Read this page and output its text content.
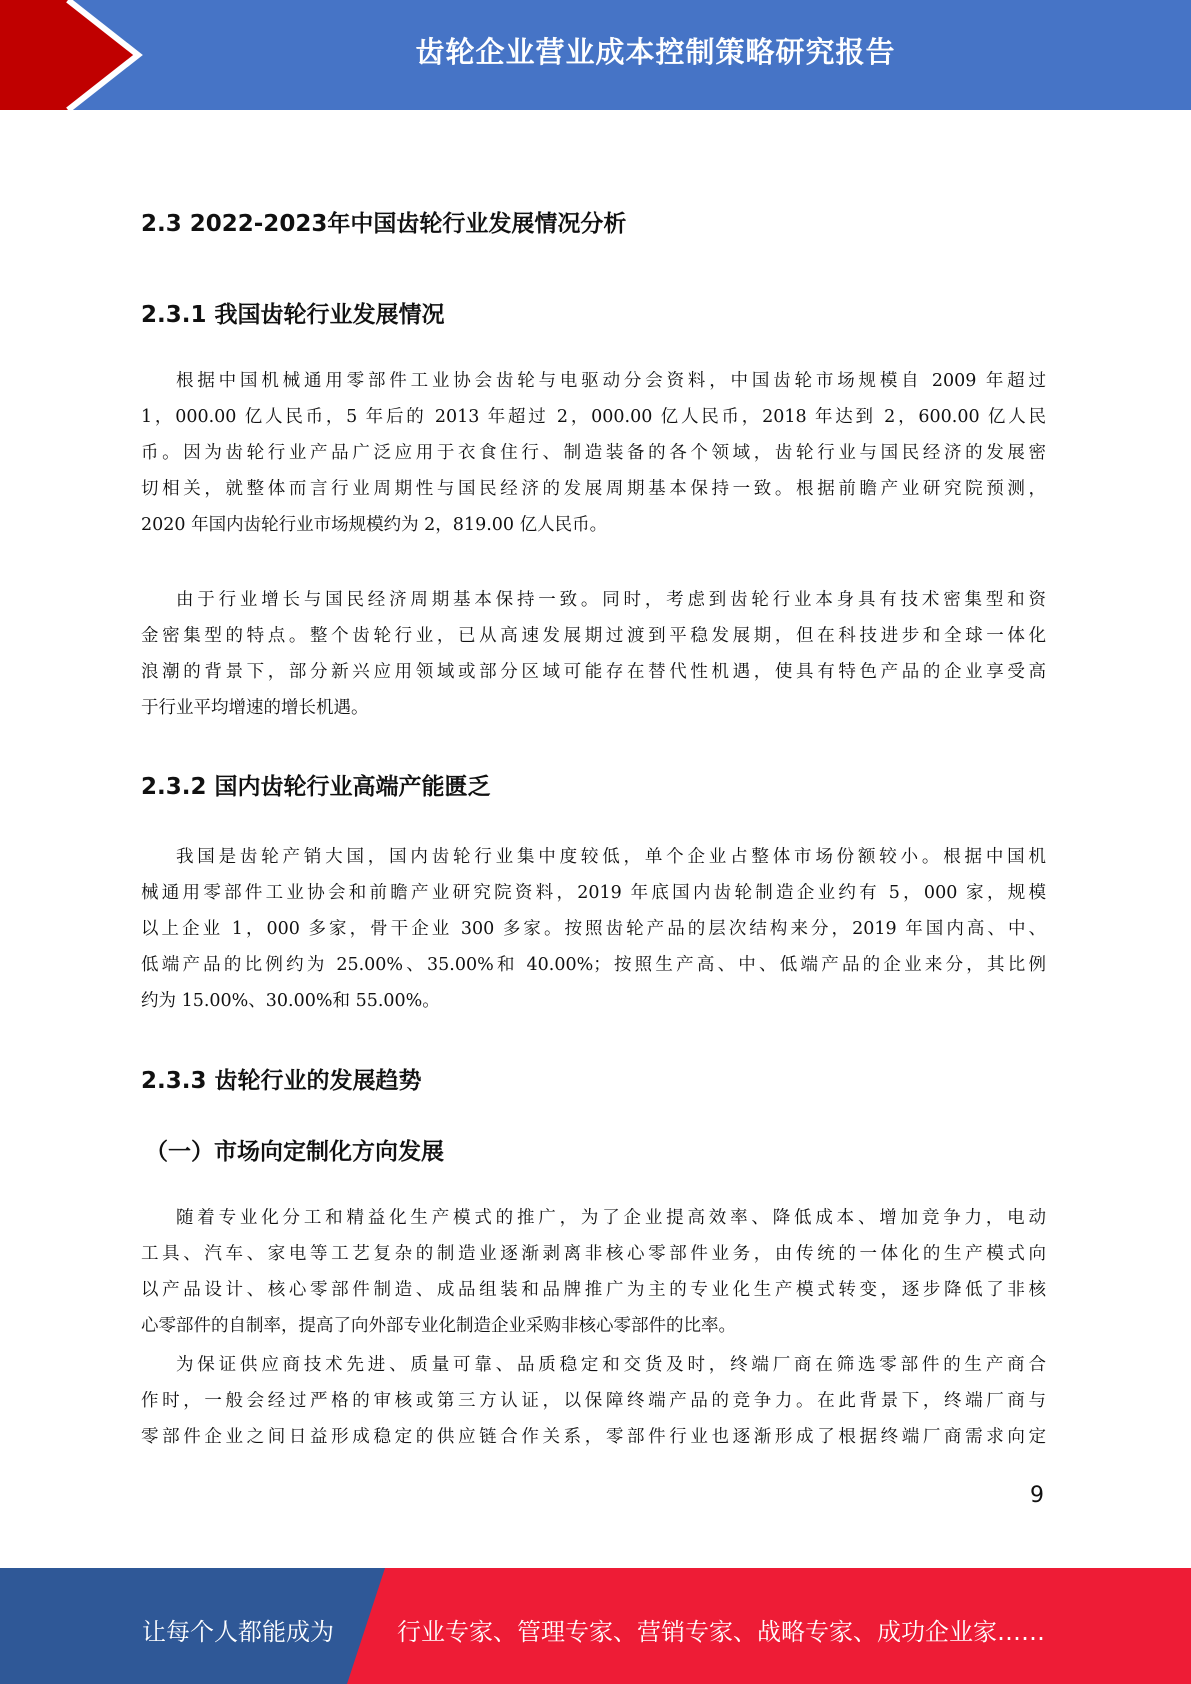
齿轮企业营业成本控制策略研究报告
2.3 2022-2023年中国齿轮行业发展情况分析
2.3.1 我国齿轮行业发展情况
根据中国机械通用零部件工业协会齿轮与电驱动分会资料，中国齿轮市场规模自 2009 年超过
1，000.00 亿人民币，5 年后的 2013 年超过 2，000.00 亿人民币，2018 年达到 2，600.00 亿人民
币。因为齿轮行业产品广泛应用于衣食住行、制造装备的各个领域，齿轮行业与国民经济的发展密
切相关，就整体而言行业周期性与国民经济的发展周期基本保持一致。根据前瞻产业研究院预测，
2020 年国内齿轮行业市场规模约为 2，819.00 亿人民币。
由于行业增长与国民经济周期基本保持一致。同时，考虑到齿轮行业本身具有技术密集型和资
金密集型的特点。整个齿轮行业，已从高速发展期过渡到平稳发展期，但在科技进步和全球一体化
浪潮的背景下，部分新兴应用领域或部分区域可能存在替代性机遇，使具有特色产品的企业享受高
于行业平均增速的增长机遇。
2.3.2 国内齿轮行业高端产能匮乏
我国是齿轮产销大国，国内齿轮行业集中度较低，单个企业占整体市场份额较小。根据中国机
械通用零部件工业协会和前瞻产业研究院资料，2019 年底国内齿轮制造企业约有 5，000 家，规模
以上企业 1，000 多家，骨干企业 300 多家。按照齿轮产品的层次结构来分，2019 年国内高、中、
低端产品的比例约为 25.00%、35.00%和 40.00%；按照生产高、中、低端产品的企业来分，其比例
约为 15.00%、30.00%和 55.00%。
2.3.3 齿轮行业的发展趋势
（一）市场向定制化方向发展
随着专业化分工和精益化生产模式的推广，为了企业提高效率、降低成本、增加竞争力，电动
工具、汽车、家电等工艺复杂的制造业逐渐剥离非核心零部件业务，由传统的一体化的生产模式向
以产品设计、核心零部件制造、成品组装和品牌推广为主的专业化生产模式转变，逐步降低了非核
心零部件的自制率，提高了向外部专业化制造企业采购非核心零部件的比率。
为保证供应商技术先进、质量可靠、品质稳定和交货及时，终端厂商在筛选零部件的生产商合
作时，一般会经过严格的审核或第三方认证，以保障终端产品的竞争力。在此背景下，终端厂商与
零部件企业之间日益形成稳定的供应链合作关系，零部件行业也逐渐形成了根据终端厂商需求向定
9
让每个人都能成为	行业专家、管理专家、营销专家、战略专家、成功企业家……
